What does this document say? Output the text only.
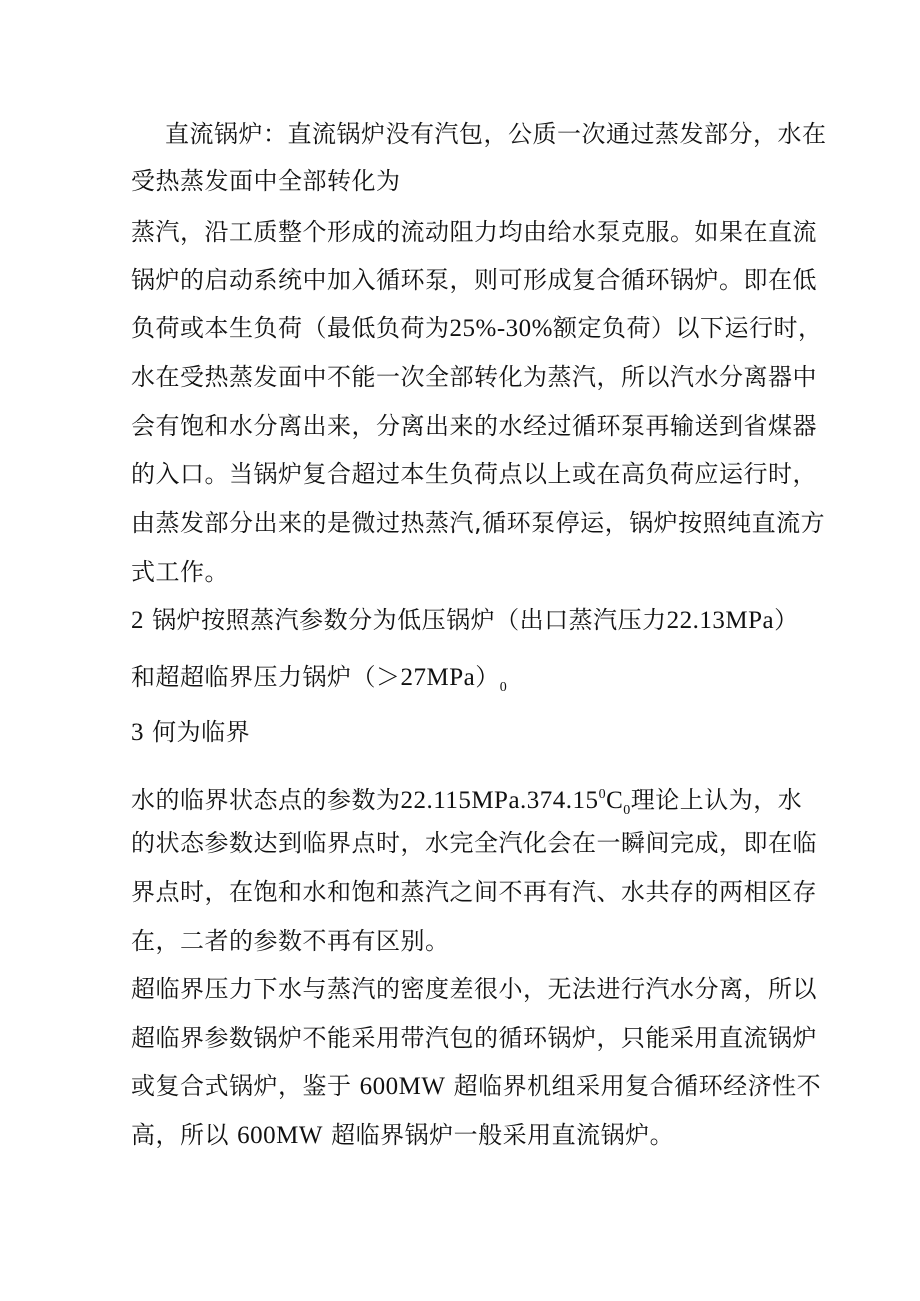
直流锅炉：直流锅炉没有汽包，公质一次通过蒸发部分，水在
受热蒸发面中全部转化为
蒸汽，沿工质整个形成的流动阻力均由给水泵克服。如果在直流
锅炉的启动系统中加入循环泵，则可形成复合循环锅炉。即在低
负荷或本生负荷（最低负荷为25%-30%额定负荷）以下运行时，
水在受热蒸发面中不能一次全部转化为蒸汽，所以汽水分离器中
会有饱和水分离出来，分离出来的水经过循环泵再输送到省煤器
的入口。当锅炉复合超过本生负荷点以上或在高负荷应运行时，
由蒸发部分出来的是微过热蒸汽,循环泵停运，锅炉按照纯直流方
式工作。
2 锅炉按照蒸汽参数分为低压锅炉（出口蒸汽压力22.13MPa）
和超超临界压力锅炉$(>27MPa)_0$
3 何为临界
水的临界状态点的参数为$22.115MPa.374.15^0C_0$理论上认为，水
的状态参数达到临界点时，水完全汽化会在一瞬间完成，即在临
界点时，在饱和水和饱和蒸汽之间不再有汽、水共存的两相区存
在，二者的参数不再有区别。
超临界压力下水与蒸汽的密度差很小，无法进行汽水分离，所以
超临界参数锅炉不能采用带汽包的循环锅炉，只能采用直流锅炉
或复合式锅炉，鉴于 600MW 超临界机组采用复合循环经济性不
高，所以 600MW 超临界锅炉一般采用直流锅炉。
